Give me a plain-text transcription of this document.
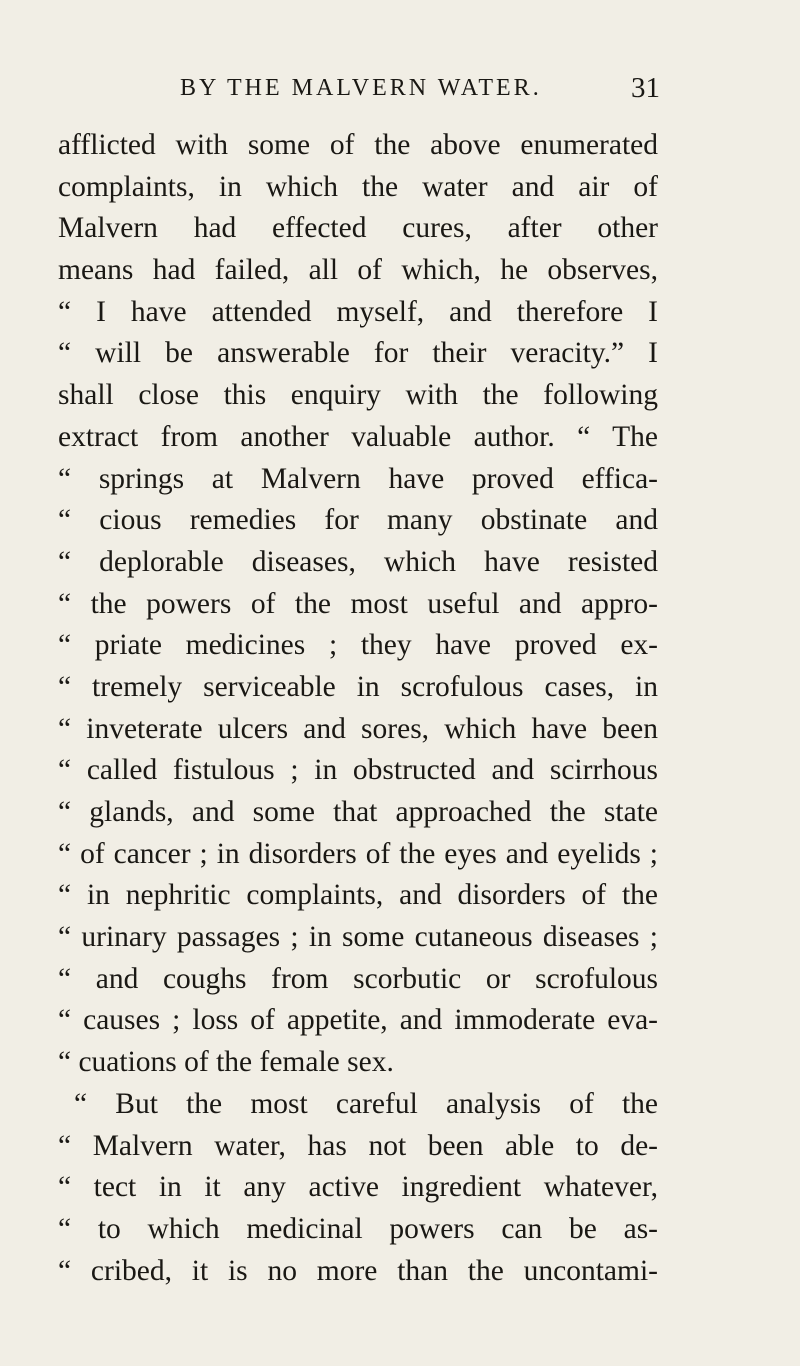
BY THE MALVERN WATER.	31
afflicted with some of the above enumerated
complaints, in which the water and air of
Malvern had effected cures, after other
means had failed, all of which, he observes,
“ I have attended myself, and therefore I
“ will be answerable for their veracity.” I
shall close this enquiry with the following
extract from another valuable author. “ The
“ springs at Malvern have proved effica-
“ cious remedies for many obstinate and
“ deplorable diseases, which have resisted
“ the powers of the most useful and appro-
“ priate medicines ; they have proved ex-
“ tremely serviceable in scrofulous cases, in
“ inveterate ulcers and sores, which have been
“ called fistulous ; in obstructed and scirrhous
“ glands, and some that approached the state
“ of cancer ; in disorders of the eyes and eyelids ;
“ in nephritic complaints, and disorders of the
“ urinary passages ; in some cutaneous diseases ;
“ and coughs from scorbutic or scrofulous
“ causes ; loss of appetite, and immoderate eva-
“ cuations of the female sex.
“ But the most careful analysis of the
“ Malvern water, has not been able to de-
“ tect in it any active ingredient whatever,
“ to which medicinal powers can be as-
“ cribed, it is no more than the uncontami-
